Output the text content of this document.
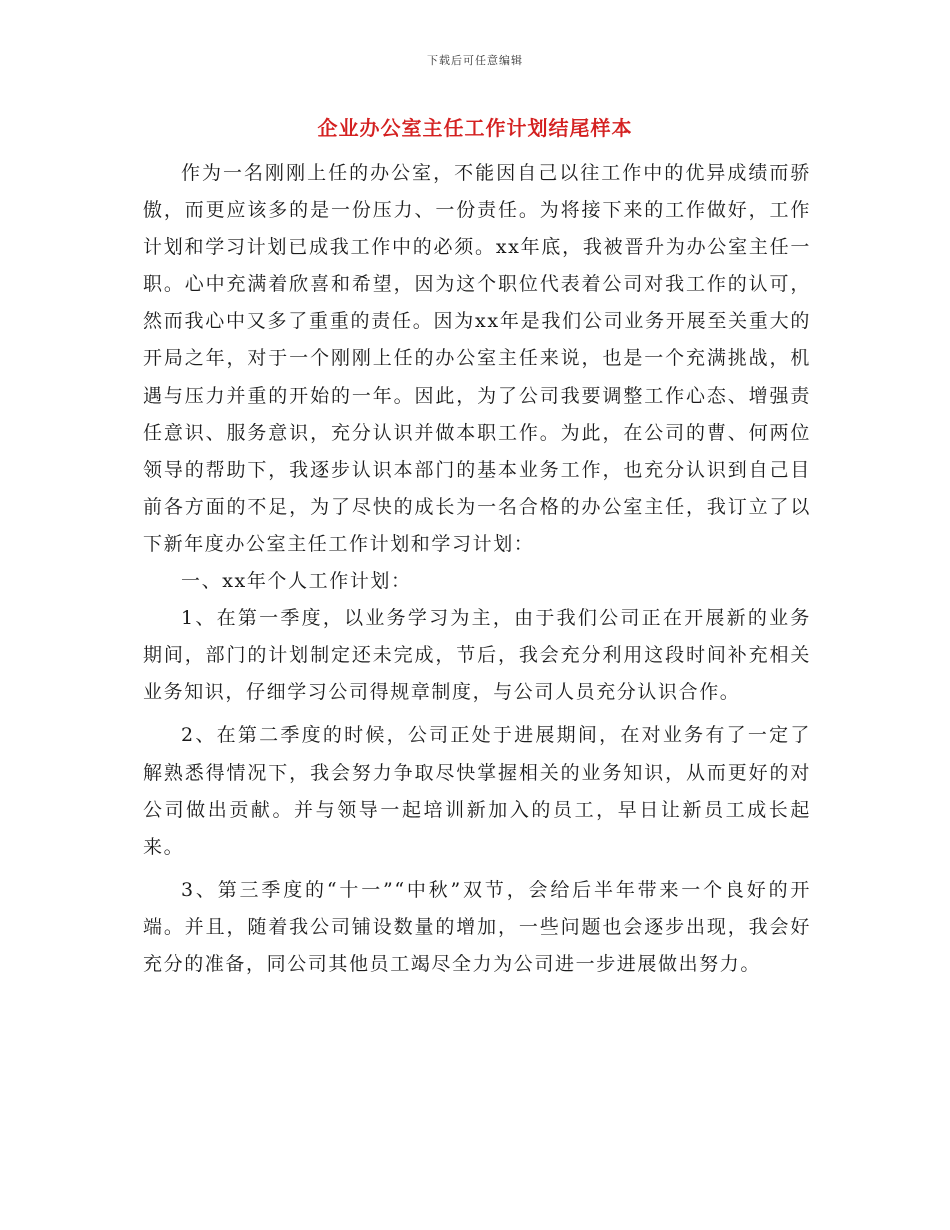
下载后可任意编辑
企业办公室主任工作计划结尾样本

作为一名刚刚上任的办公室，不能因自己以往工作中的优异成绩而骄傲，而更应该多的是一份压力、一份责任。为将接下来的工作做好，工作计划和学习计划已成我工作中的必须。xx年底，我被晋升为办公室主任一职。心中充满着欣喜和希望，因为这个职位代表着公司对我工作的认可，然而我心中又多了重重的责任。因为xx年是我们公司业务开展至关重大的开局之年，对于一个刚刚上任的办公室主任来说，也是一个充满挑战，机遇与压力并重的开始的一年。因此，为了公司我要调整工作心态、增强责任意识、服务意识，充分认识并做本职工作。为此，在公司的曹、何两位领导的帮助下，我逐步认识本部门的基本业务工作，也充分认识到自己目前各方面的不足，为了尽快的成长为一名合格的办公室主任，我订立了以下新年度办公室主任工作计划和学习计划：

一、xx年个人工作计划：

1、在第一季度，以业务学习为主，由于我们公司正在开展新的业务期间，部门的计划制定还未完成，节后，我会充分利用这段时间补充相关业务知识，仔细学习公司得规章制度，与公司人员充分认识合作。

2、在第二季度的时候，公司正处于进展期间，在对业务有了一定了解熟悉得情况下，我会努力争取尽快掌握相关的业务知识，从而更好的对公司做出贡献。并与领导一起培训新加入的员工，早日让新员工成长起来。

3、第三季度的“十一”“中秋”双节，会给后半年带来一个良好的开端。并且，随着我公司铺设数量的增加，一些问题也会逐步出现，我会好充分的准备，同公司其他员工竭尽全力为公司进一步进展做出努力。
